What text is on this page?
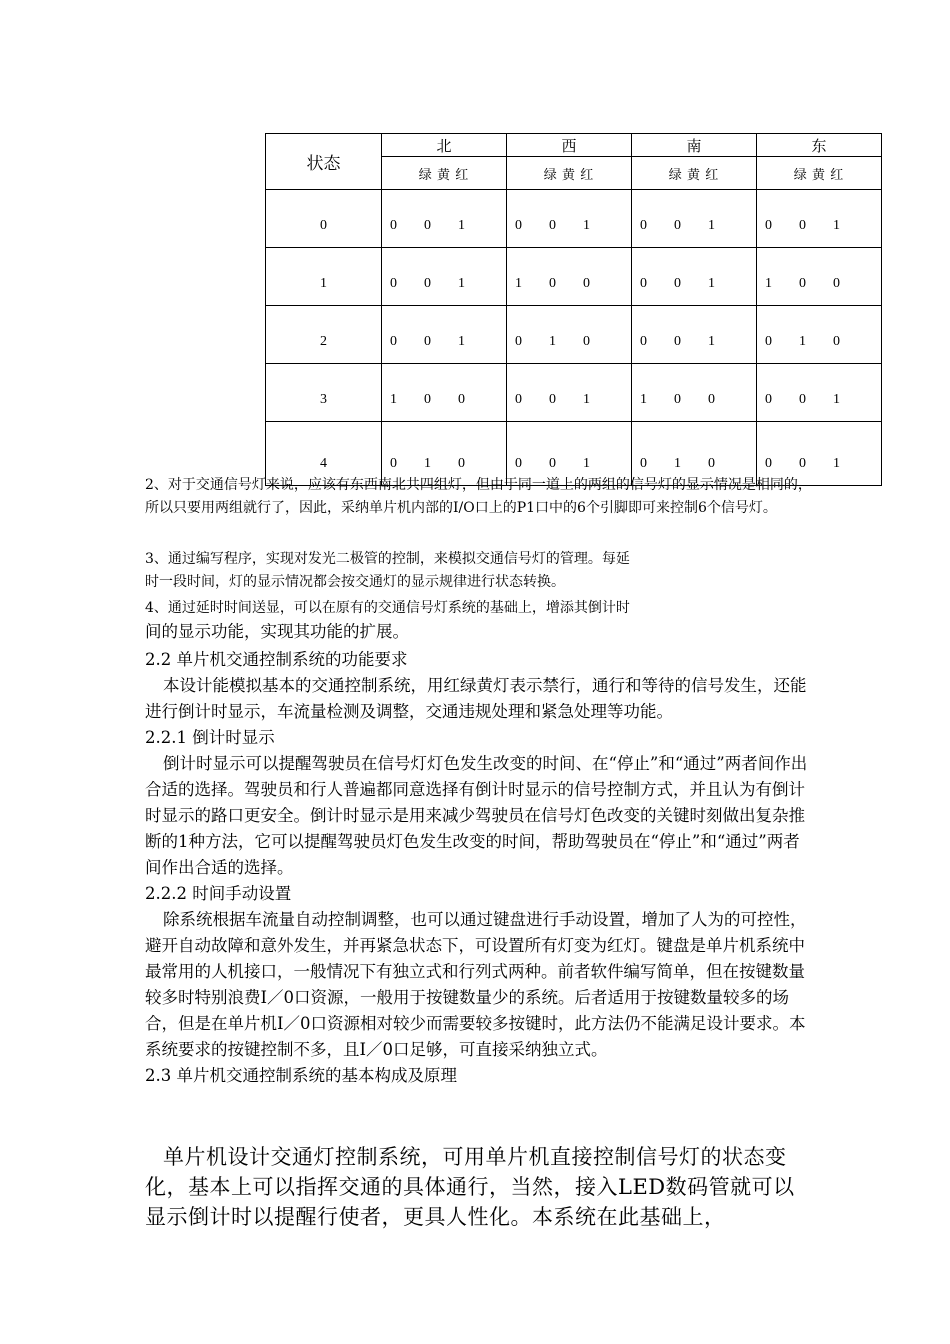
状态	北	西	南	东
	绿 黄 红	绿 黄 红	绿 黄 红	绿 黄 红
0	0 0 1	0 0 1	0 0 1	0 0 1
1	0 0 1	1 0 0	0 0 1	1 0 0
2	0 0 1	0 1 0	0 0 1	0 1 0
3	1 0 0	0 0 1	1 0 0	0 0 1
4	0 1 0	0 0 1	0 1 0	0 0 1

2、对于交通信号灯来说，应该有东西南北共四组灯，但由于同一道上的两组的信号灯的显示情况是相同的，所以只要用两组就行了，因此，采纳单片机内部的I/O口上的P1口中的6个引脚即可来控制6个信号灯。

3、通过编写程序，实现对发光二极管的控制，来模拟交通信号灯的管理。每延

时一段时间，灯的显示情况都会按交通灯的显示规律进行状态转换。

4、通过延时时间送显，可以在原有的交通信号灯系统的基础上，增添其倒计时

间的显示功能，实现其功能的扩展。

2.2 单片机交通控制系统的功能要求

本设计能模拟基本的交通控制系统，用红绿黄灯表示禁行，通行和等待的信号发生，还能进行倒计时显示，车流量检测及调整，交通违规处理和紧急处理等功能。

2.2.1 倒计时显示

倒计时显示可以提醒驾驶员在信号灯灯色发生改变的时间、在“停止”和“通过”两者间作出合适的选择。驾驶员和行人普遍都同意选择有倒计时显示的信号控制方式，并且认为有倒计时显示的路口更安全。倒计时显示是用来减少驾驶员在信号灯色改变的关键时刻做出复杂推断的1种方法，它可以提醒驾驶员灯色发生改变的时间，帮助驾驶员在“停止”和“通过”两者间作出合适的选择。

2.2.2 时间手动设置

除系统根据车流量自动控制调整，也可以通过键盘进行手动设置，增加了人为的可控性，避开自动故障和意外发生，并再紧急状态下，可设置所有灯变为红灯。键盘是单片机系统中最常用的人机接口，一般情况下有独立式和行列式两种。前者软件编写简单，但在按键数量较多时特别浪费I／0口资源，一般用于按键数量少的系统。后者适用于按键数量较多的场合，但是在单片机I／0口资源相对较少而需要较多按键时，此方法仍不能满足设计要求。本系统要求的按键控制不多，且I／0口足够，可直接采纳独立式。

2.3 单片机交通控制系统的基本构成及原理

单片机设计交通灯控制系统，可用单片机直接控制信号灯的状态变化，基本上可以指挥交通的具体通行，当然，接入LED数码管就可以显示倒计时以提醒行使者，更具人性化。本系统在此基础上，
